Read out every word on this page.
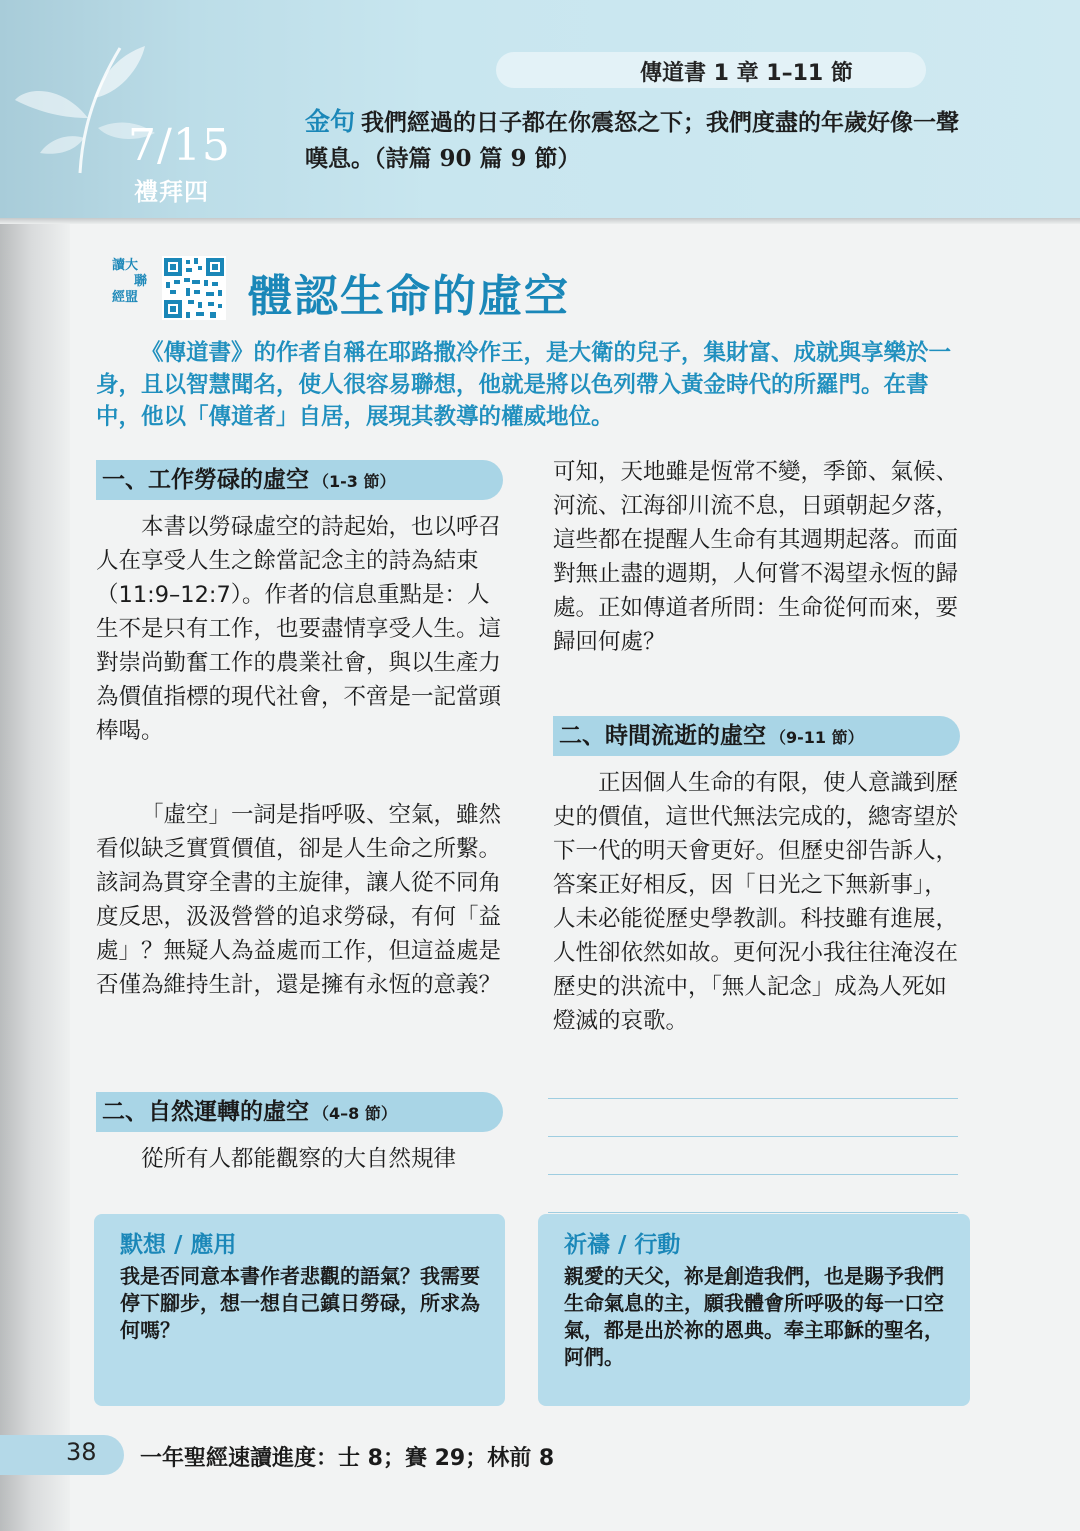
7/15
禮拜四
傳道書 1 章 1–11 節
金句 我們經過的日子都在你震怒之下；我們度盡的年歲好像一聲嘆息。（詩篇 90 篇 9 節）
讀大
聯
經盟	體認生命的虛空
《傳道書》的作者自稱在耶路撒冷作王，是大衛的兒子，集財富、成就與享樂於一身，且以智慧聞名，使人很容易聯想，他就是將以色列帶入黃金時代的所羅門。在書中，他以「傳道者」自居，展現其教導的權威地位。
一、工作勞碌的虛空 （1-3 節）
本書以勞碌虛空的詩起始，也以呼召人在享受人生之餘當記念主的詩為結束（11:9–12:7）。作者的信息重點是：人生不是只有工作，也要盡情享受人生。這對崇尚勤奮工作的農業社會，與以生產力為價值指標的現代社會，不啻是一記當頭棒喝。
「虛空」一詞是指呼吸、空氣，雖然看似缺乏實質價值，卻是人生命之所繫。該詞為貫穿全書的主旋律，讓人從不同角度反思，汲汲營營的追求勞碌，有何「益處」？無疑人為益處而工作，但這益處是否僅為維持生計，還是擁有永恆的意義？
二、自然運轉的虛空 （4–8 節）
從所有人都能觀察的大自然規律
可知，天地雖是恆常不變，季節、氣候、河流、江海卻川流不息，日頭朝起夕落，這些都在提醒人生命有其週期起落。而面對無止盡的週期，人何嘗不渴望永恆的歸處。正如傳道者所問：生命從何而來，要歸回何處？
二、時間流逝的虛空 （9-11 節）
正因個人生命的有限，使人意識到歷史的價值，這世代無法完成的，總寄望於下一代的明天會更好。但歷史卻告訴人，答案正好相反，因「日光之下無新事」，人未必能從歷史學教訓。科技雖有進展，人性卻依然如故。更何況小我往往淹沒在歷史的洪流中，「無人記念」成為人死如燈滅的哀歌。
默想 / 應用
我是否同意本書作者悲觀的語氣？我需要停下腳步，想一想自己鎮日勞碌，所求為何嗎？
祈禱 / 行動
親愛的天父，祢是創造我們，也是賜予我們生命氣息的主，願我體會所呼吸的每一口空氣，都是出於祢的恩典。奉主耶穌的聖名，阿們。
38	一年聖經速讀進度：士 8；賽 29；林前 8
